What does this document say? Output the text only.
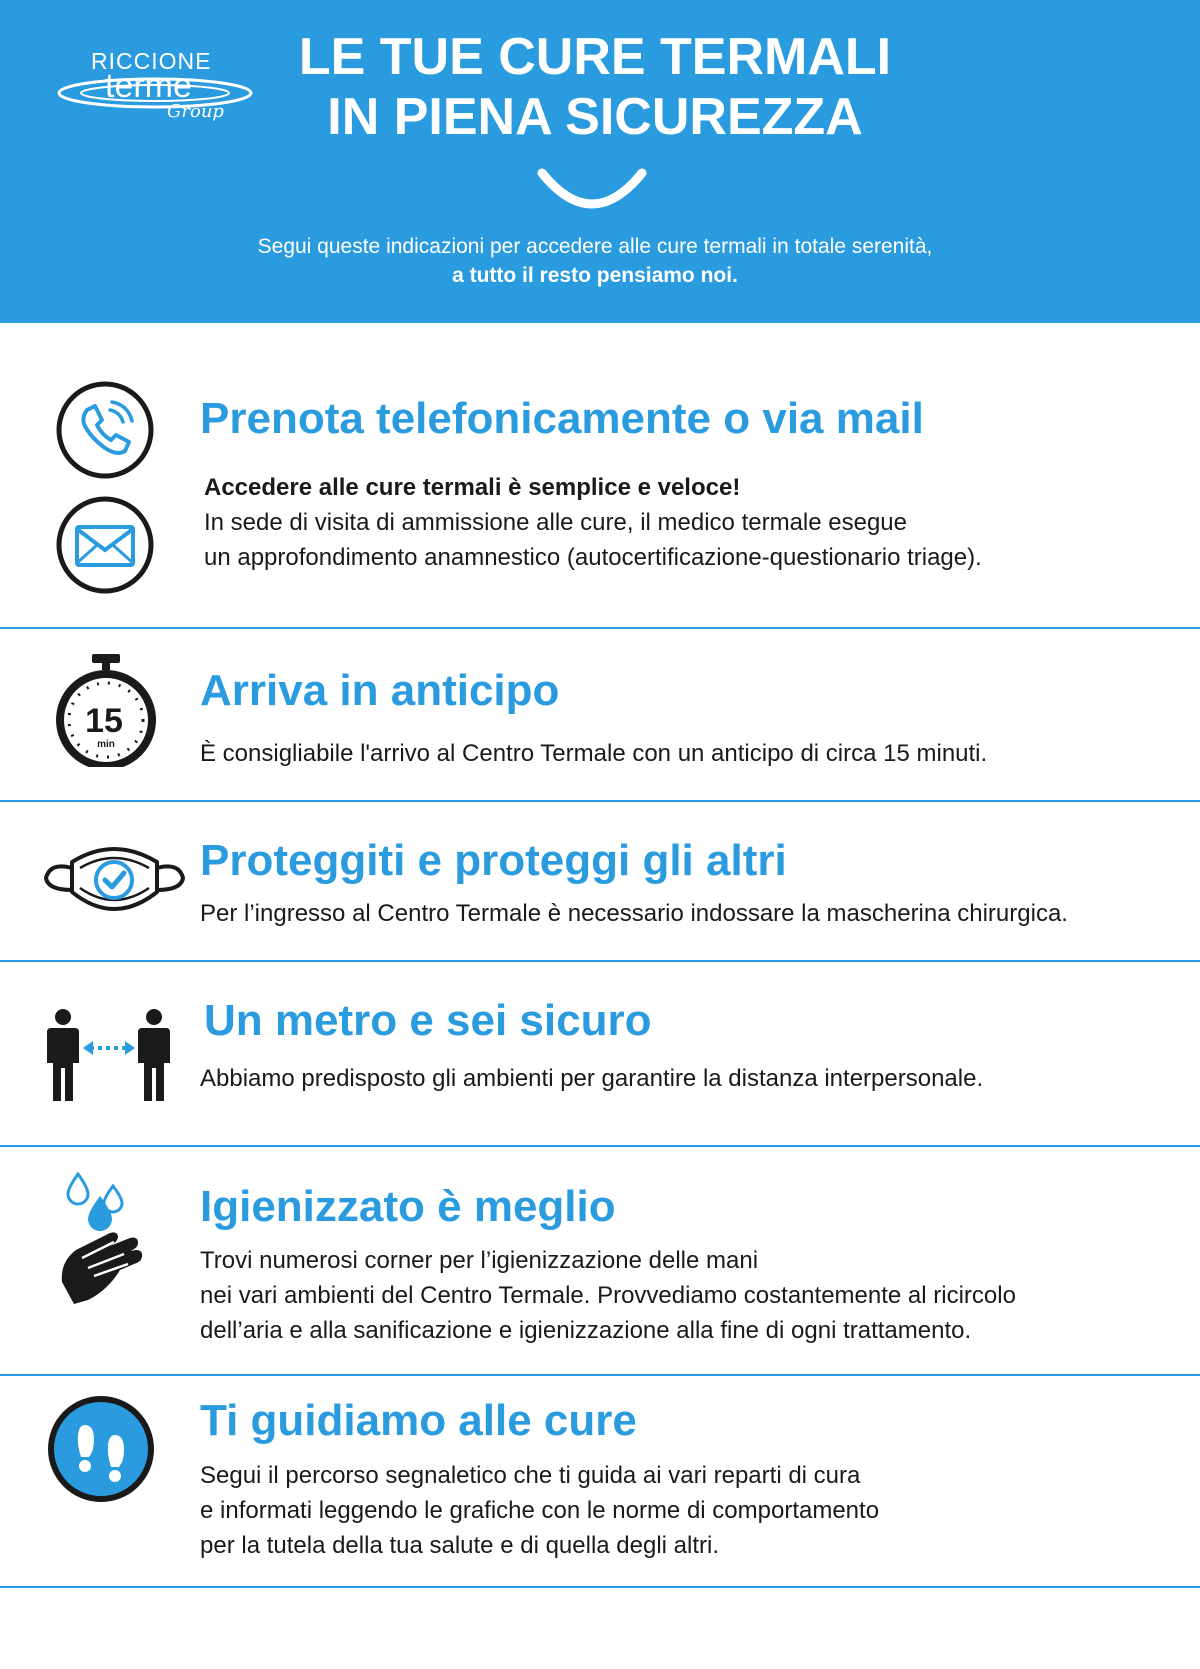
RICCIONE
terme
Group
LE TUE CURE TERMALI
IN PIENA SICUREZZA
Segui queste indicazioni per accedere alle cure termali in totale serenità,
a tutto il resto pensiamo noi.
Prenota telefonicamente o via mail
Accedere alle cure termali è semplice e veloce!
In sede di visita di ammissione alle cure, il medico termale esegue
un approfondimento anamnestico (autocertificazione-questionario triage).
15
min
Arriva in anticipo
È consigliabile l'arrivo al Centro Termale con un anticipo di circa 15 minuti.
Proteggiti e proteggi gli altri
Per l’ingresso al Centro Termale è necessario indossare la mascherina chirurgica.
Un metro e sei sicuro
Abbiamo predisposto gli ambienti per garantire la distanza interpersonale.
Igienizzato è meglio
Trovi numerosi corner per l’igienizzazione delle mani
nei vari ambienti del Centro Termale. Provvediamo costantemente al ricircolo
dell’aria e alla sanificazione e igienizzazione alla fine di ogni trattamento.
Ti guidiamo alle cure
Segui il percorso segnaletico che ti guida ai vari reparti di cura
e informati leggendo le grafiche con le norme di comportamento
per la tutela della tua salute e di quella degli altri.
